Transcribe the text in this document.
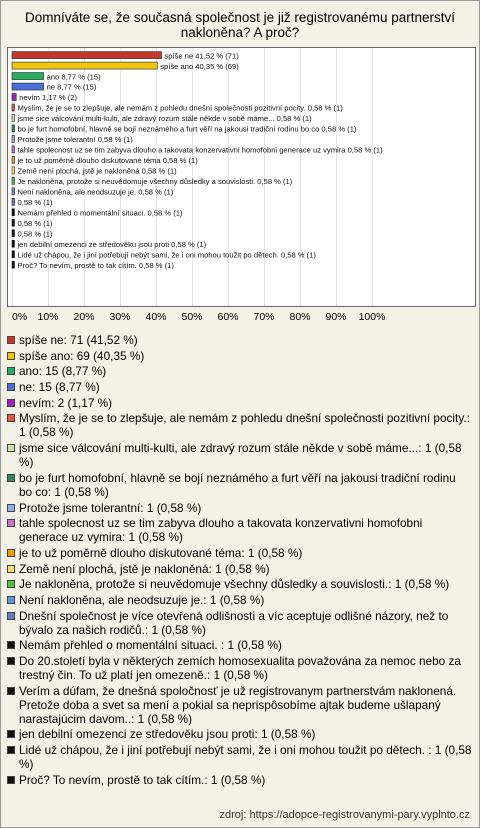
Domníváte se, že současná společnost je již registrovanému partnerství nakloněna? A proč?
spíše ne 41,52 % (71)
spíše ano 40,35 % (69)
ano 8,77 % (15)
ne 8,77 % (15)
nevím 1,17 % (2)
Myslím, že je se to zlepšuje, ale nemám z pohledu dnešní společnosti pozitivní pocity. 0,58 % (1)
jsme sice válcování multi-kulti, ale zdravý rozum stále někde v sobě máme... 0,58 % (1)
bo je furt homofobní, hlavně se bojí neznámého a furt věří na jakousi tradiční rodinu bo co 0,58 % (1)
Protože jsme tolerantní 0,58 % (1)
tahle spolecnost uz se tim zabyva dlouho a takovata konzervativni homofobni generace uz vymira 0,58 % (1)
je to už poměrně dlouho diskutované téma 0,58 % (1)
Země není plochá, jstě je nakloněná 0,58 % (1)
Je nakloněna, protože si neuvědomuje všechny důsledky a souvislosti. 0,58 % (1)
Není nakloněna, ale neodsuzuje je. 0,58 % (1)
0,58 % (1)
Nemám přehled o momentální situaci. 0,58 % (1)
0,58 % (1)
0,58 % (1)
jen debilní omezenci ze středověku jsou proti 0,58 % (1)
Lidé už chápou, že i jiní potřebují nebýt sami, že i oni mohou toužit po dětech. 0,58 % (1)
Proč? To nevím, prostě to tak cítím. 0,58 % (1)
0% 10% 20% 30% 40% 50% 60% 70% 80% 90% 100%
spíše ne: 71 (41,52 %)
spíše ano: 69 (40,35 %)
ano: 15 (8,77 %)
ne: 15 (8,77 %)
nevím: 2 (1,17 %)
Myslím, že je se to zlepšuje, ale nemám z pohledu dnešní společnosti pozitivní pocity.: 1 (0,58 %)
jsme sice válcování multi-kulti, ale zdravý rozum stále někde v sobě máme...: 1 (0,58 %)
bo je furt homofobní, hlavně se bojí neznámého a furt věří na jakousi tradiční rodinu bo co: 1 (0,58 %)
Protože jsme tolerantní: 1 (0,58 %)
tahle spolecnost uz se tim zabyva dlouho a takovata konzervativni homofobni generace uz vymira: 1 (0,58 %)
je to už poměrně dlouho diskutované téma: 1 (0,58 %)
Země není plochá, jstě je nakloněná: 1 (0,58 %)
Je nakloněna, protože si neuvědomuje všechny důsledky a souvislosti.: 1 (0,58 %)
Není nakloněna, ale neodsuzuje je.: 1 (0,58 %)
Dnešní společnost je více otevřená odlišnosti a víc aceptuje odlišné názory, než to bývalo za našich rodičů.: 1 (0,58 %)
Nemám přehled o momentální situaci. : 1 (0,58 %)
Do 20.století byla v některých zemích homosexualita považována za nemoc nebo za trestný čin. To už platí jen omezeně.: 1 (0,58 %)
Verím a dúfam, že dnešná spoločnosť je už registrovanym partnerstvám naklonená. Pretože doba a svet sa mení a pokial sa neprispôsobíme ajtak budeme ušlapaný narastajúcim davom..: 1 (0,58 %)
jen debilní omezenci ze středověku jsou proti: 1 (0,58 %)
Lidé už chápou, že i jiní potřebují nebýt sami, že i oni mohou toužit po dětech. : 1 (0,58 %)
Proč? To nevím, prostě to tak cítím.: 1 (0,58 %)
zdroj: https://adopce-registrovanymi-pary.vyplnto.cz
